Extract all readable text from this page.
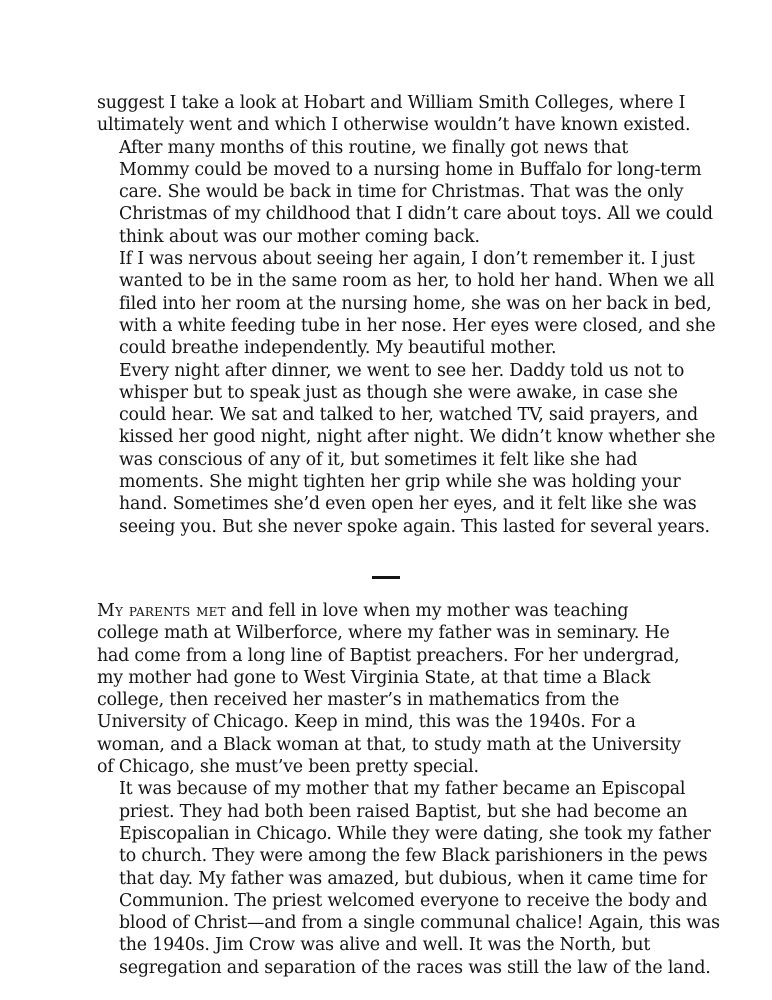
suggest I take a look at Hobart and William Smith Colleges, where I
ultimately went and which I otherwise wouldn’t have known existed.

After many months of this routine, we finally got news that
Mommy could be moved to a nursing home in Buffalo for long-term
care. She would be back in time for Christmas. That was the only
Christmas of my childhood that I didn’t care about toys. All we could
think about was our mother coming back.

If I was nervous about seeing her again, I don’t remember it. I just
wanted to be in the same room as her, to hold her hand. When we all
filed into her room at the nursing home, she was on her back in bed,
with a white feeding tube in her nose. Her eyes were closed, and she
could breathe independently. My beautiful mother.

Every night after dinner, we went to see her. Daddy told us not to
whisper but to speak just as though she were awake, in case she
could hear. We sat and talked to her, watched TV, said prayers, and
kissed her good night, night after night. We didn’t know whether she
was conscious of any of it, but sometimes it felt like she had
moments. She might tighten her grip while she was holding your
hand. Sometimes she’d even open her eyes, and it felt like she was
seeing you. But she never spoke again. This lasted for several years.

My parents met and fell in love when my mother was teaching
college math at Wilberforce, where my father was in seminary. He
had come from a long line of Baptist preachers. For her undergrad,
my mother had gone to West Virginia State, at that time a Black
college, then received her master’s in mathematics from the
University of Chicago. Keep in mind, this was the 1940s. For a
woman, and a Black woman at that, to study math at the University
of Chicago, she must’ve been pretty special.

It was because of my mother that my father became an Episcopal
priest. They had both been raised Baptist, but she had become an
Episcopalian in Chicago. While they were dating, she took my father
to church. They were among the few Black parishioners in the pews
that day. My father was amazed, but dubious, when it came time for
Communion. The priest welcomed everyone to receive the body and
blood of Christ—and from a single communal chalice! Again, this was
the 1940s. Jim Crow was alive and well. It was the North, but
segregation and separation of the races was still the law of the land.
